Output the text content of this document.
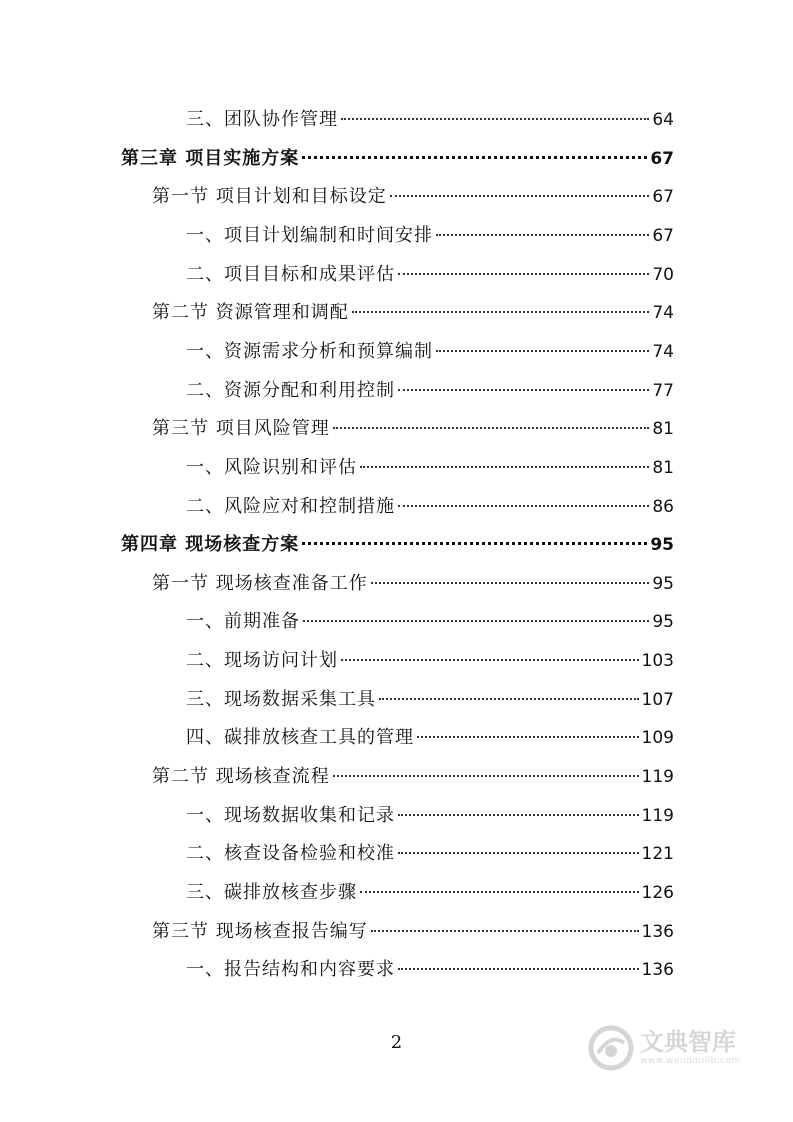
三、团队协作管理	64
第三章 项目实施方案	67
第一节 项目计划和目标设定	67
一、项目计划编制和时间安排	67
二、项目目标和成果评估	70
第二节 资源管理和调配	74
一、资源需求分析和预算编制	74
二、资源分配和利用控制	77
第三节 项目风险管理	81
一、风险识别和评估	81
二、风险应对和控制措施	86
第四章 现场核查方案	95
第一节 现场核查准备工作	95
一、前期准备	95
二、现场访问计划	103
三、现场数据采集工具	107
四、碳排放核查工具的管理	109
第二节 现场核查流程	119
一、现场数据收集和记录	119
二、核查设备检验和校准	121
三、碳排放核查步骤	126
第三节 现场核查报告编写	136
一、报告结构和内容要求	136
2	文典智库
www.wendoulib.com
